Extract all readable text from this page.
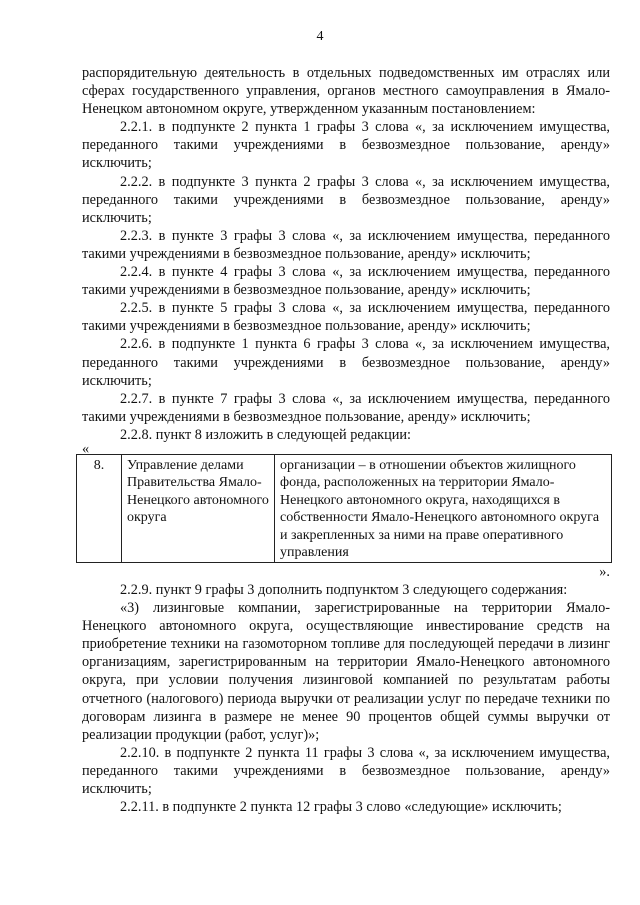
4

распорядительную деятельность в отдельных подведомственных им отраслях или сферах государственного управления, органов местного самоуправления в Ямало-Ненецком автономном округе, утвержденном указанным постановлением:

2.2.1. в подпункте 2 пункта 1 графы 3 слова «, за исключением имущества, переданного такими учреждениями в безвозмездное пользование, аренду» исключить;

2.2.2. в подпункте 3 пункта 2 графы 3 слова «, за исключением имущества, переданного такими учреждениями в безвозмездное пользование, аренду» исключить;

2.2.3. в пункте 3 графы 3 слова «, за исключением имущества, переданного такими учреждениями в безвозмездное пользование, аренду» исключить;

2.2.4. в пункте 4 графы 3 слова «, за исключением имущества, переданного такими учреждениями в безвозмездное пользование, аренду» исключить;

2.2.5. в пункте 5 графы 3 слова «, за исключением имущества, переданного такими учреждениями в безвозмездное пользование, аренду» исключить;

2.2.6. в подпункте 1 пункта 6 графы 3 слова «, за исключением имущества, переданного такими учреждениями в безвозмездное пользование, аренду» исключить;

2.2.7. в пункте 7 графы 3 слова «, за исключением имущества, переданного такими учреждениями в безвозмездное пользование, аренду» исключить;

2.2.8. пункт 8 изложить в следующей редакции:

«
8.	Управление делами Правительства Ямало-Ненецкого автономного округа	организации – в отношении объектов жилищного фонда, расположенных на территории Ямало-Ненецкого автономного округа, находящихся в собственности Ямало-Ненецкого автономного округа и закрепленных за ними на праве оперативного управления
».

2.2.9. пункт 9 графы 3 дополнить подпунктом 3 следующего содержания:

«3) лизинговые компании, зарегистрированные на территории Ямало-Ненецкого автономного округа, осуществляющие инвестирование средств на приобретение техники на газомоторном топливе для последующей передачи в лизинг организациям, зарегистрированным на территории Ямало-Ненецкого автономного округа, при условии получения лизинговой компанией по результатам работы отчетного (налогового) периода выручки от реализации услуг по передаче техники по договорам лизинга в размере не менее 90 процентов общей суммы выручки от реализации продукции (работ, услуг)»;

2.2.10. в подпункте 2 пункта 11 графы 3 слова «, за исключением имущества, переданного такими учреждениями в безвозмездное пользование, аренду» исключить;

2.2.11. в подпункте 2 пункта 12 графы 3 слово «следующие» исключить;
